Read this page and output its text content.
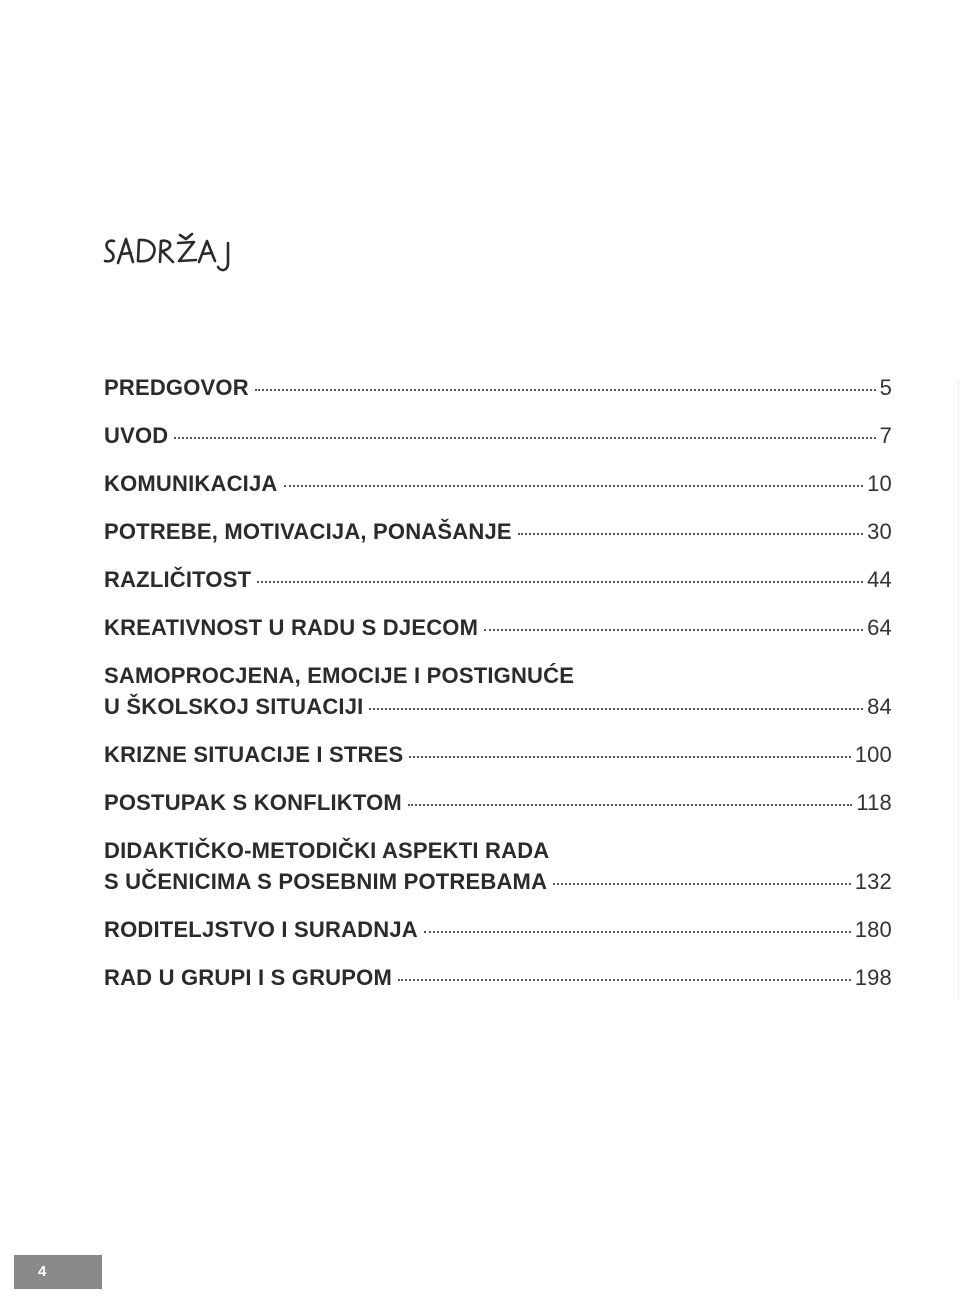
PREDGOVOR	5
UVOD	7
KOMUNIKACIJA	10
POTREBE, MOTIVACIJA, PONAŠANJE	30
RAZLIČITOST	44
KREATIVNOST U RADU S DJECOM	64
SAMOPROCJENA, EMOCIJE I POSTIGNUĆE
U ŠKOLSKOJ SITUACIJI	84
KRIZNE SITUACIJE I STRES	100
POSTUPAK S KONFLIKTOM	118
DIDAKTIČKO-METODIČKI ASPEKTI RADA
S UČENICIMA S POSEBNIM POTREBAMA	132
RODITELJSTVO I SURADNJA	180
RAD U GRUPI I S GRUPOM	198
4
